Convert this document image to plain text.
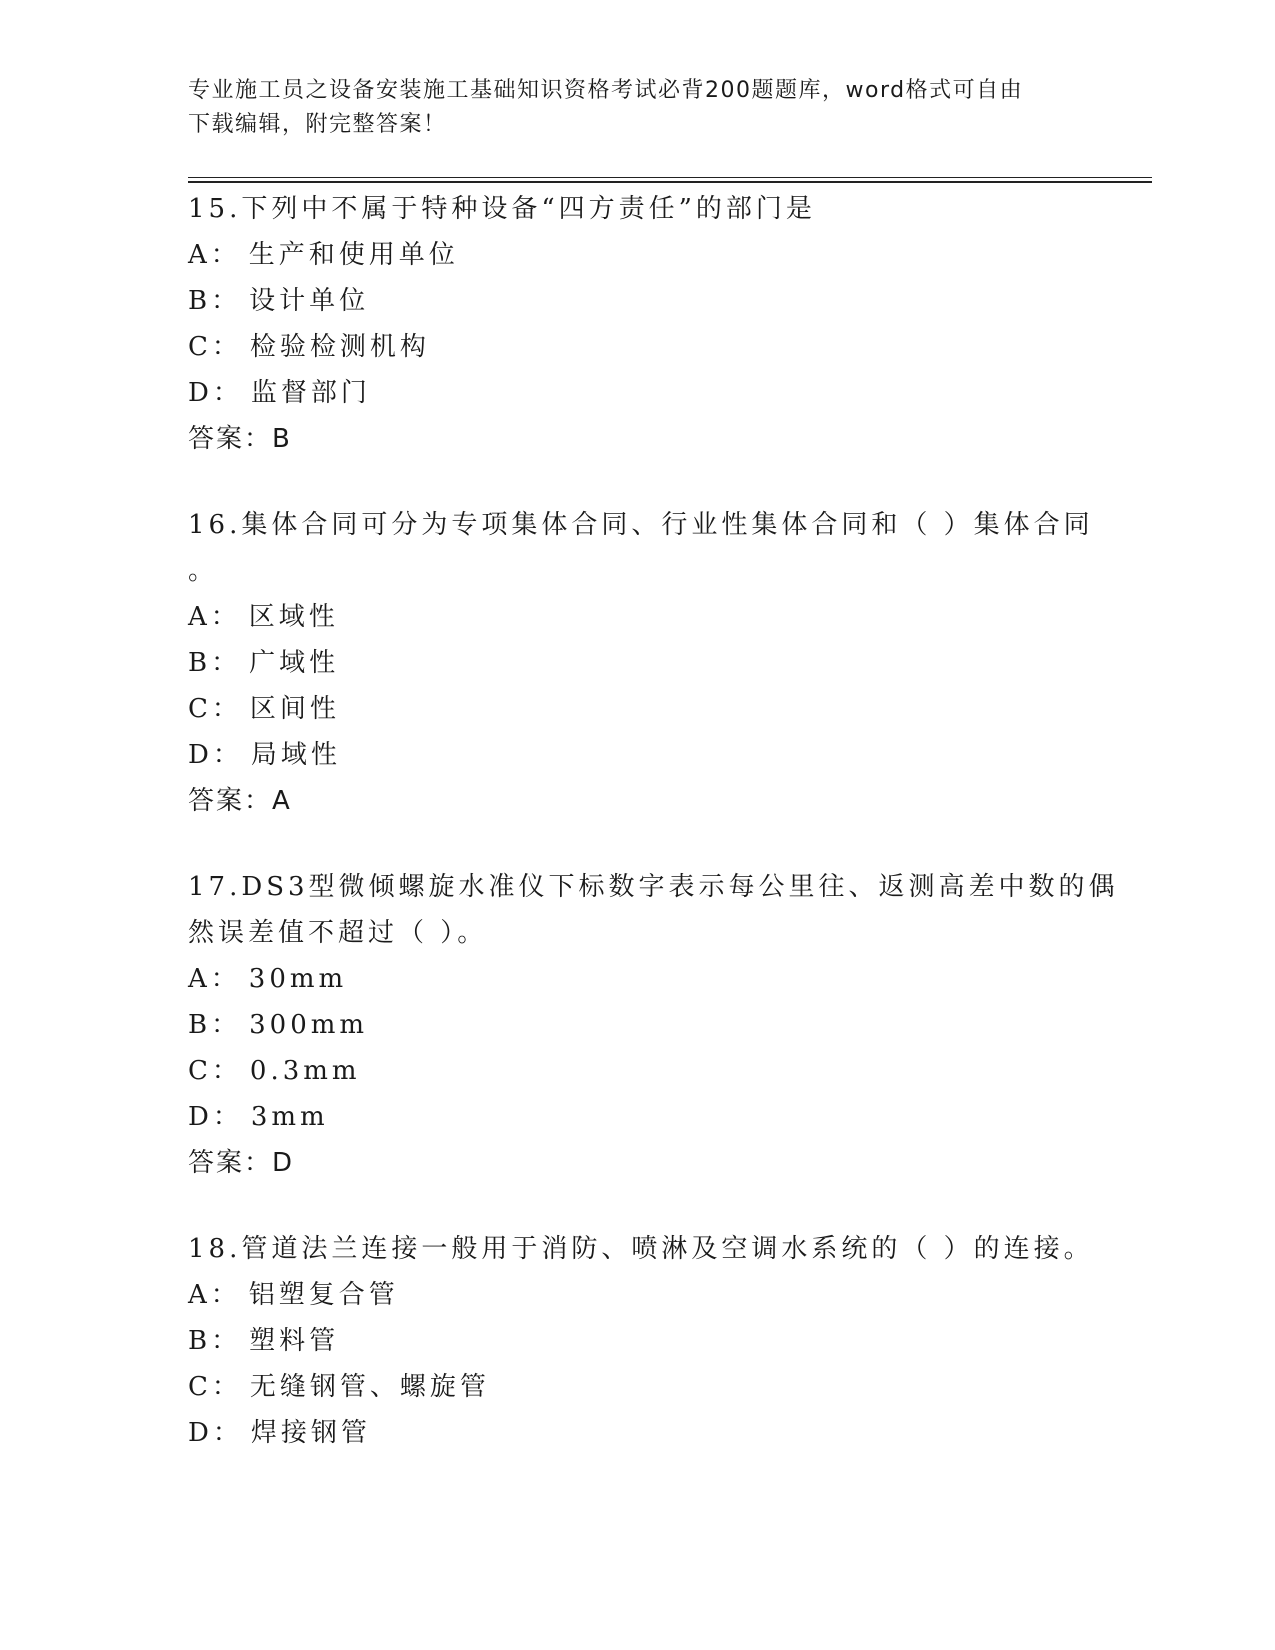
专业施工员之设备安装施工基础知识资格考试必背200题题库，word格式可自由
下载编辑，附完整答案！
15.下列中不属于特种设备“四方责任”的部门是
A： 生产和使用单位
B： 设计单位
C： 检验检测机构
D： 监督部门
答案：B
16.集体合同可分为专项集体合同、行业性集体合同和（ ）集体合同
。
A： 区域性
B： 广域性
C： 区间性
D： 局域性
答案：A
17.DS3型微倾螺旋水准仪下标数字表示每公里往、返测高差中数的偶
然误差值不超过（ ）。
A： 30mm
B： 300mm
C： 0.3mm
D： 3mm
答案：D
18.管道法兰连接一般用于消防、喷淋及空调水系统的（ ）的连接。
A： 铝塑复合管
B： 塑料管
C： 无缝钢管、螺旋管
D： 焊接钢管
